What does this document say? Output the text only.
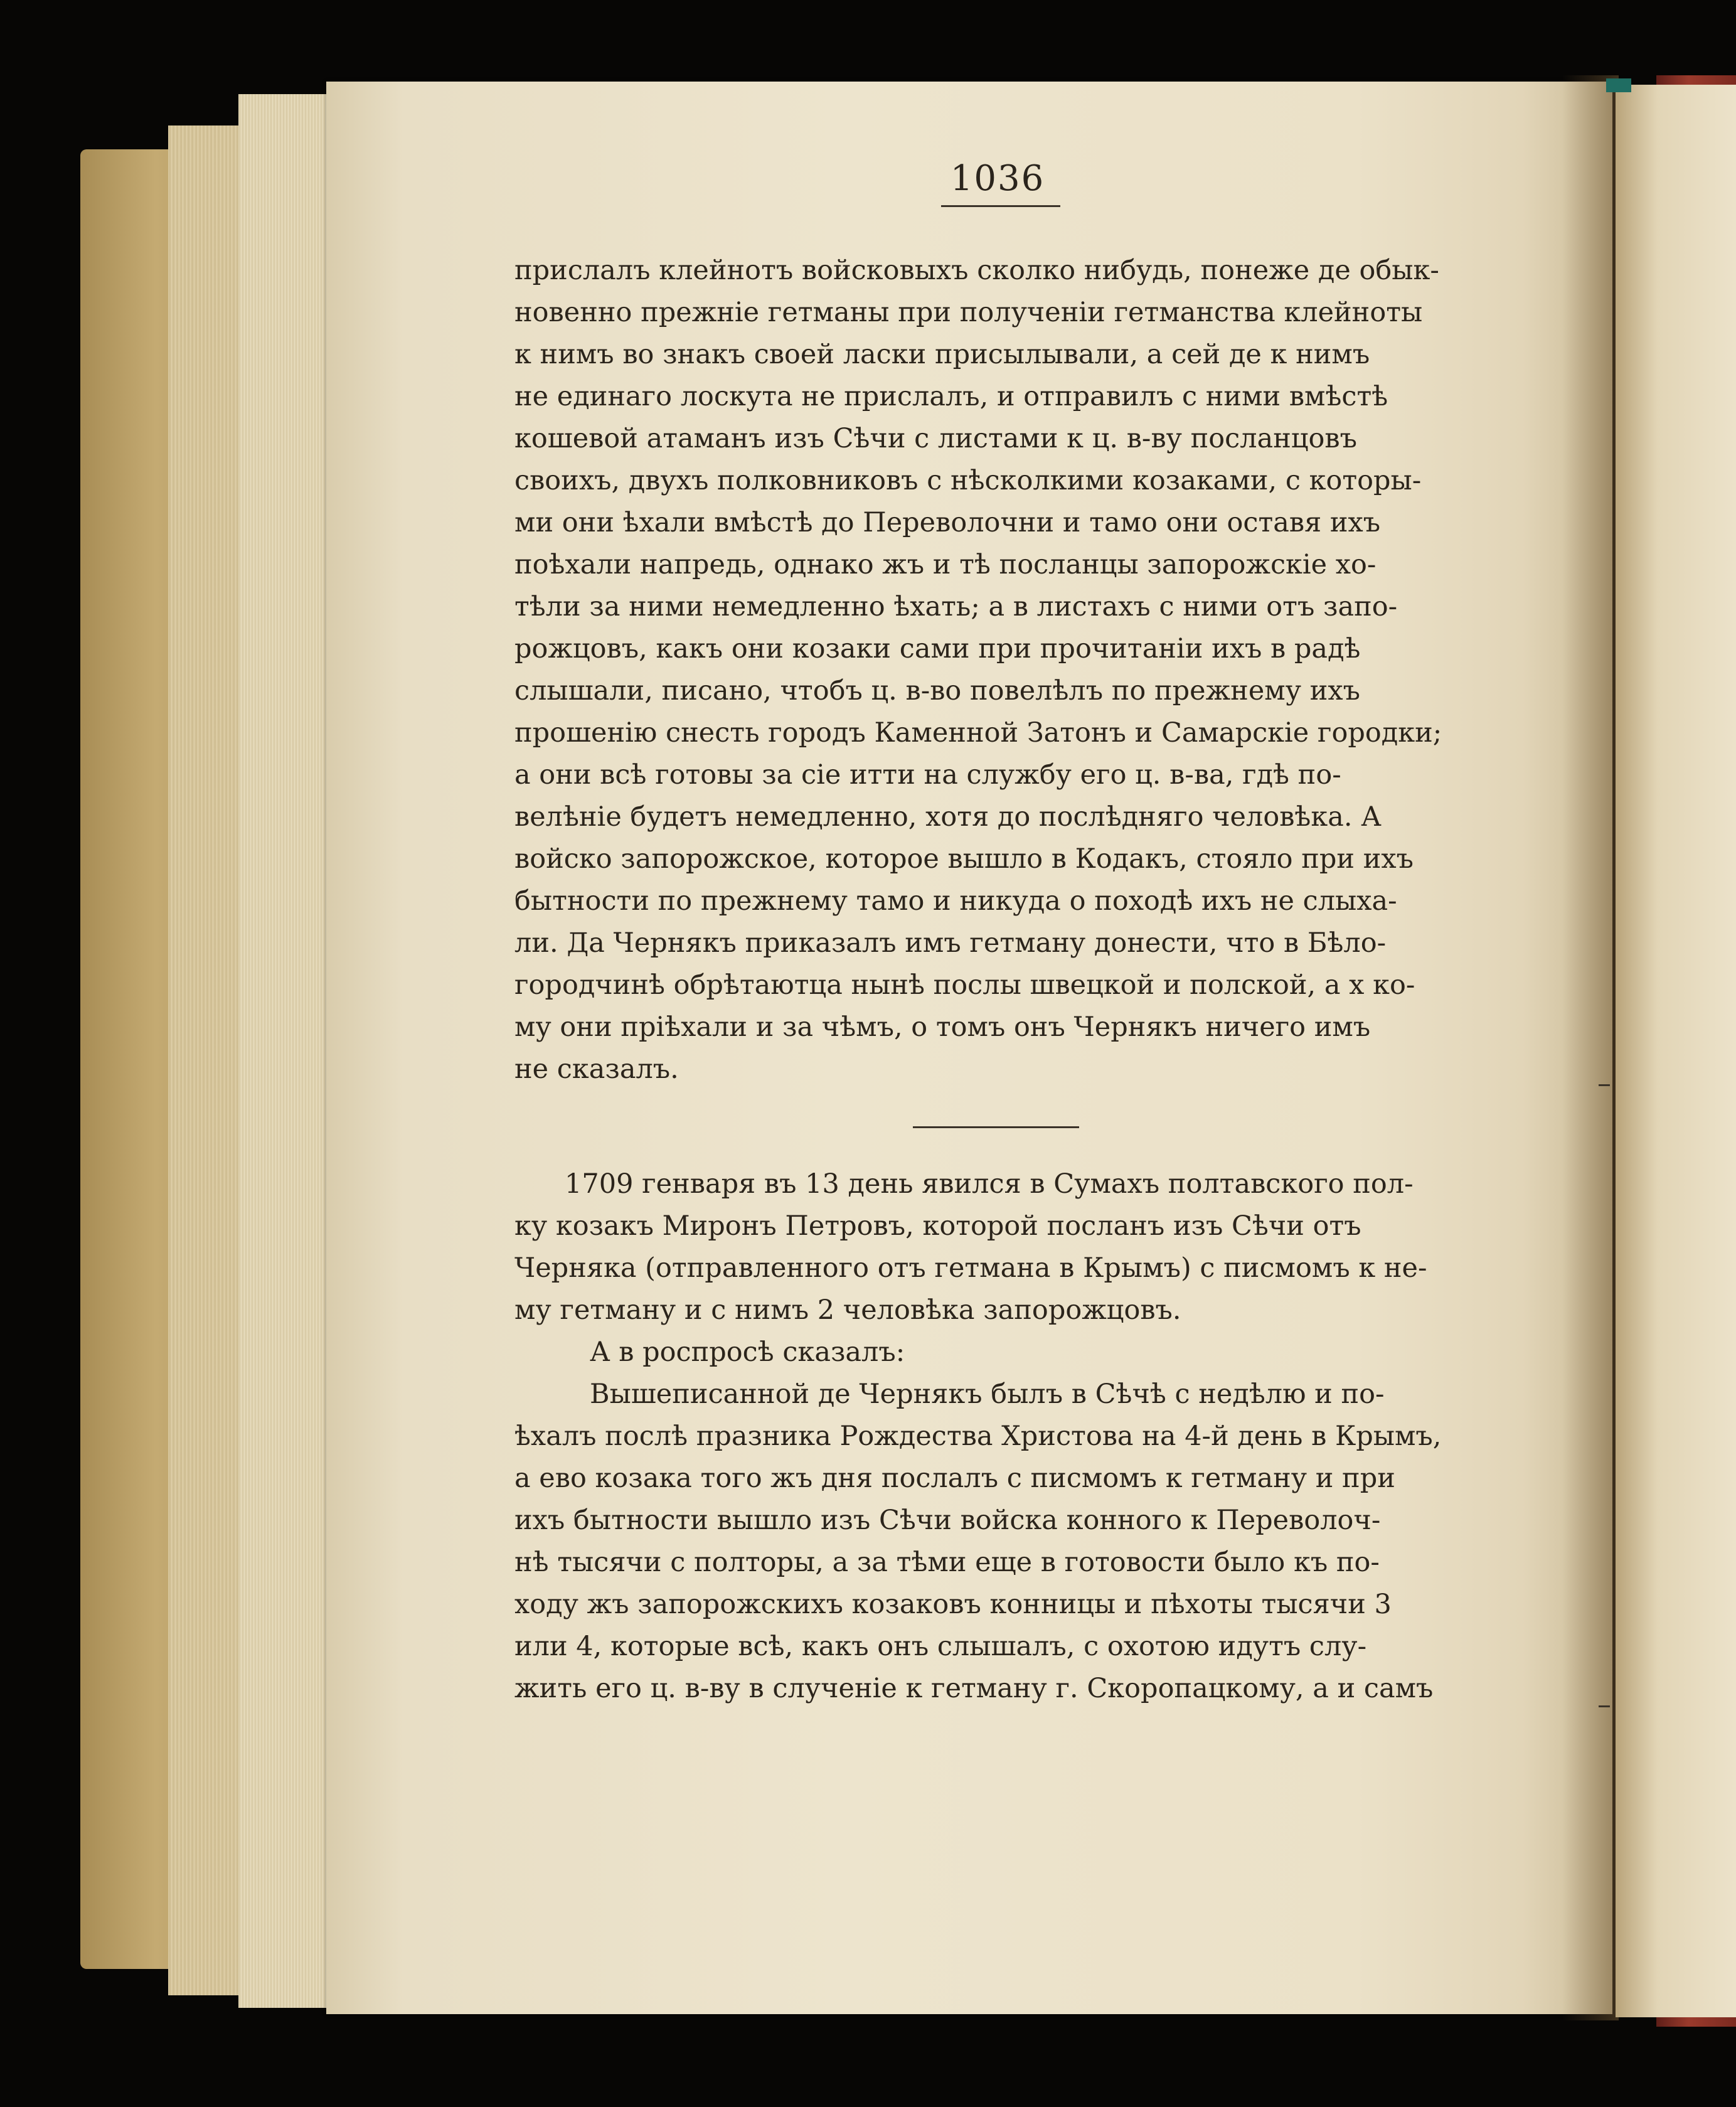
1036
прислалъ клейнотъ войсковыхъ сколко нибудь, понеже де обык-
новенно прежніе гетманы при полученіи гетманства клейноты
к нимъ во знакъ своей ласки присылывали, а сей де к нимъ
не единаго лоскута не прислалъ, и отправилъ с ними вмѣстѣ
кошевой атаманъ изъ Сѣчи с листами к ц. в-ву посланцовъ
своихъ, двухъ полковниковъ с нѣсколкими козаками, с которы-
ми они ѣхали вмѣстѣ до Переволочни и тамо они оставя ихъ
поѣхали напредь, однако жъ и тѣ посланцы запорожскіе хо-
тѣли за ними немедленно ѣхать; а в листахъ с ними отъ запо-
рожцовъ, какъ они козаки сами при прочитаніи ихъ в радѣ
слышали, писано, чтобъ ц. в-во повелѣлъ по прежнему ихъ
прошенію снесть городъ Каменной Затонъ и Самарскіе городки;
а они всѣ готовы за сіе итти на службу его ц. в-ва, гдѣ по-
велѣніе будетъ немедленно, хотя до послѣдняго человѣка. А
войско запорожское, которое вышло в Кодакъ, стояло при ихъ
бытности по прежнему тамо и никуда о походѣ ихъ не слыха-
ли. Да Чернякъ приказалъ имъ гетману донести, что в Бѣло-
городчинѣ обрѣтаютца нынѣ послы швецкой и полской, а х ко-
му они пріѣхали и за чѣмъ, о томъ онъ Чернякъ ничего имъ
не сказалъ.
1709 генваря въ 13 день явился в Сумахъ полтавского пол-
ку козакъ Миронъ Петровъ, которой посланъ изъ Сѣчи отъ
Черняка (отправленного отъ гетмана в Крымъ) с писмомъ к не-
му гетману и с нимъ 2 человѣка запорожцовъ.
А в роспросѣ сказалъ:
Вышеписанной де Чернякъ былъ в Сѣчѣ с недѣлю и по-
ѣхалъ послѣ празника Рождества Христова на 4-й день в Крымъ,
а ево козака того жъ дня послалъ с писмомъ к гетману и при
ихъ бытности вышло изъ Сѣчи войска конного к Переволоч-
нѣ тысячи с полторы, а за тѣми еще в готовости было къ по-
ходу жъ запорожскихъ козаковъ конницы и пѣхоты тысячи 3
или 4, которые всѣ, какъ онъ слышалъ, с охотою идутъ слу-
жить его ц. в-ву в слученіе к гетману г. Скоропацкому, а и самъ
